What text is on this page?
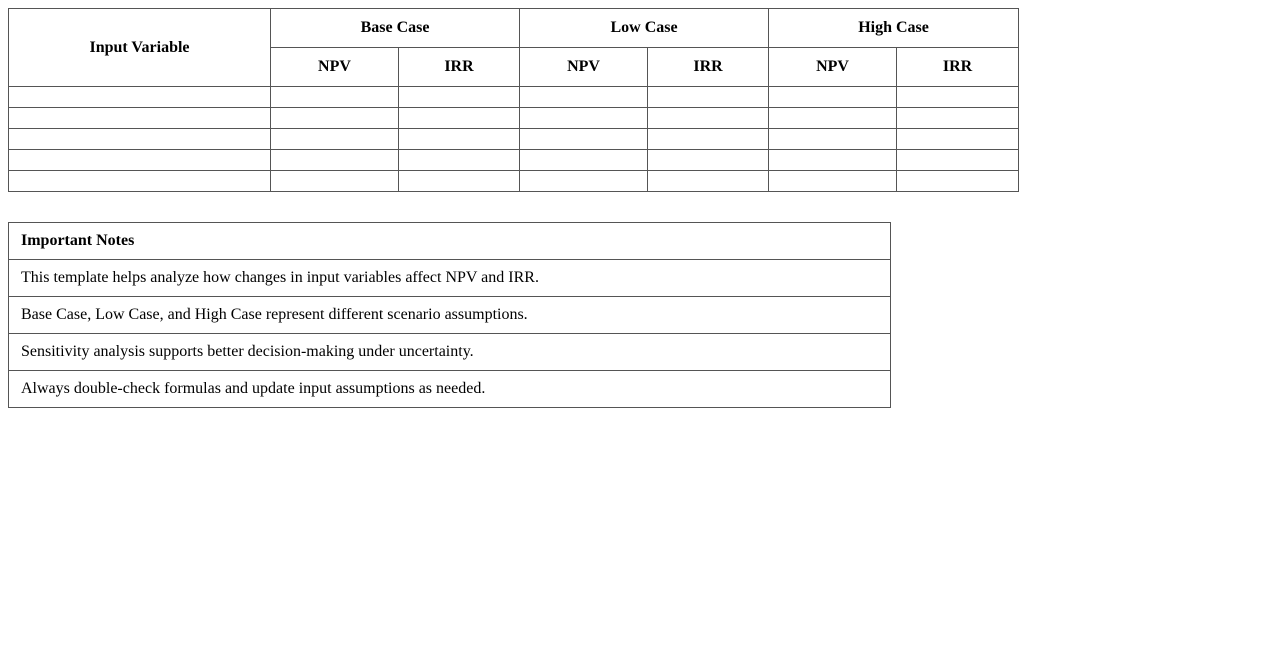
Input Variable	Base Case		Low Case		High Case	
	NPV	IRR	NPV	IRR	NPV	IRR

Important Notes
This template helps analyze how changes in input variables affect NPV and IRR.
Base Case, Low Case, and High Case represent different scenario assumptions.
Sensitivity analysis supports better decision-making under uncertainty.
Always double-check formulas and update input assumptions as needed.
